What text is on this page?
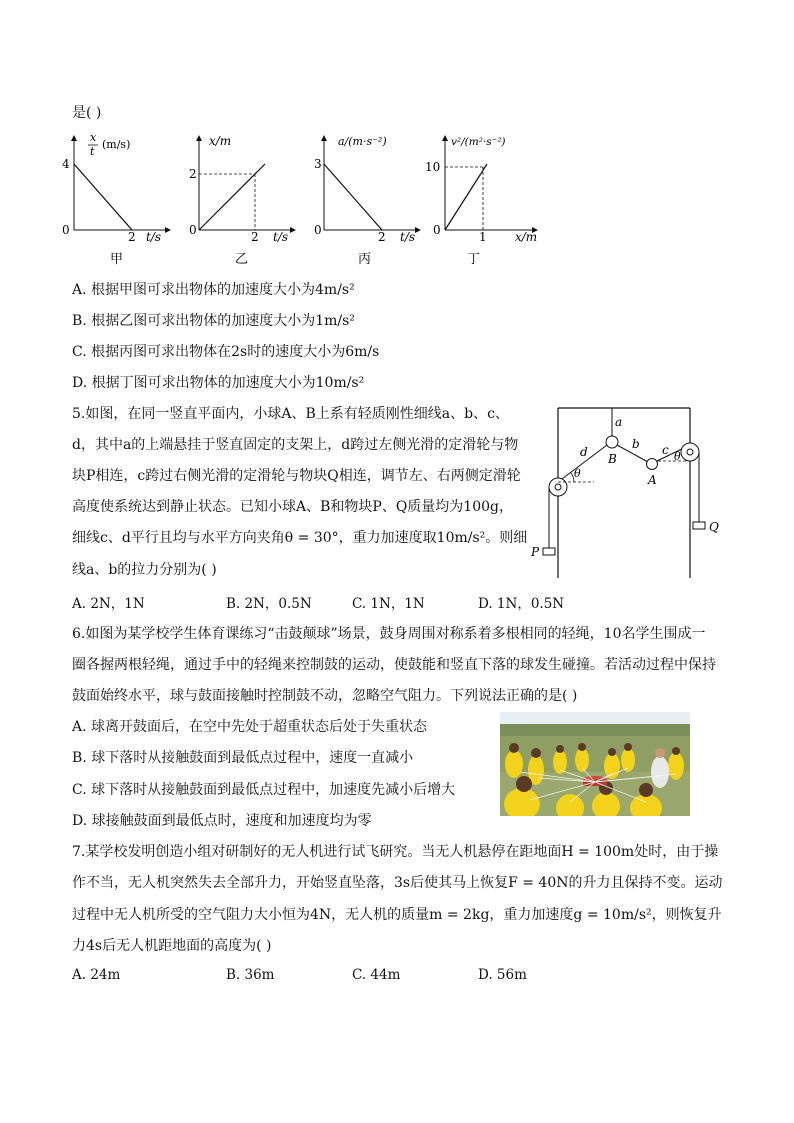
是( )
x
t
(m/s)
4
0	2 t/s
甲
x/m
2
0	2 t/s
乙
a/(m·s⁻²)
3
0	2 t/s
丙
v²/(m²·s⁻²)
10
0	1 x/m
丁
A. 根据甲图可求出物体的加速度大小为4m/s²
B. 根据乙图可求出物体的加速度大小为1m/s²
C. 根据丙图可求出物体在2s时的速度大小为6m/s
D. 根据丁图可求出物体的加速度大小为10m/s²
5.如图，在同一竖直平面内，小球A、B上系有轻质刚性细线a、b、c、
d，其中a的上端悬挂于竖直固定的支架上，d跨过左侧光滑的定滑轮与物
块P相连，c跨过右侧光滑的定滑轮与物块Q相连，调节左、右两侧定滑轮
高度使系统达到静止状态。已知小球A、B和物块P、Q质量均为100g，
细线c、d平行且均与水平方向夹角θ = 30°，重力加速度取10m/s²。则细
线a、b的拉力分别为( )
a
B
d
b
A
c
θ
θ
P
Q
A. 2N，1N	B. 2N，0.5N	C. 1N，1N	D. 1N，0.5N
6.如图为某学校学生体育课练习“击鼓颠球”场景，鼓身周围对称系着多根相同的轻绳，10名学生围成一
圈各握两根轻绳，通过手中的轻绳来控制鼓的运动，使鼓能和竖直下落的球发生碰撞。若活动过程中保持
鼓面始终水平，球与鼓面接触时控制鼓不动，忽略空气阻力。下列说法正确的是( )
A. 球离开鼓面后，在空中先处于超重状态后处于失重状态
B. 球下落时从接触鼓面到最低点过程中，速度一直减小
C. 球下落时从接触鼓面到最低点过程中，加速度先减小后增大
D. 球接触鼓面到最低点时，速度和加速度均为零
7.某学校发明创造小组对研制好的无人机进行试飞研究。当无人机悬停在距地面H = 100m处时，由于操
作不当，无人机突然失去全部升力，开始竖直坠落，3s后使其马上恢复F = 40N的升力且保持不变。运动
过程中无人机所受的空气阻力大小恒为4N，无人机的质量m = 2kg，重力加速度g = 10m/s²，则恢复升
力4s后无人机距地面的高度为( )
A. 24m	B. 36m	C. 44m	D. 56m
